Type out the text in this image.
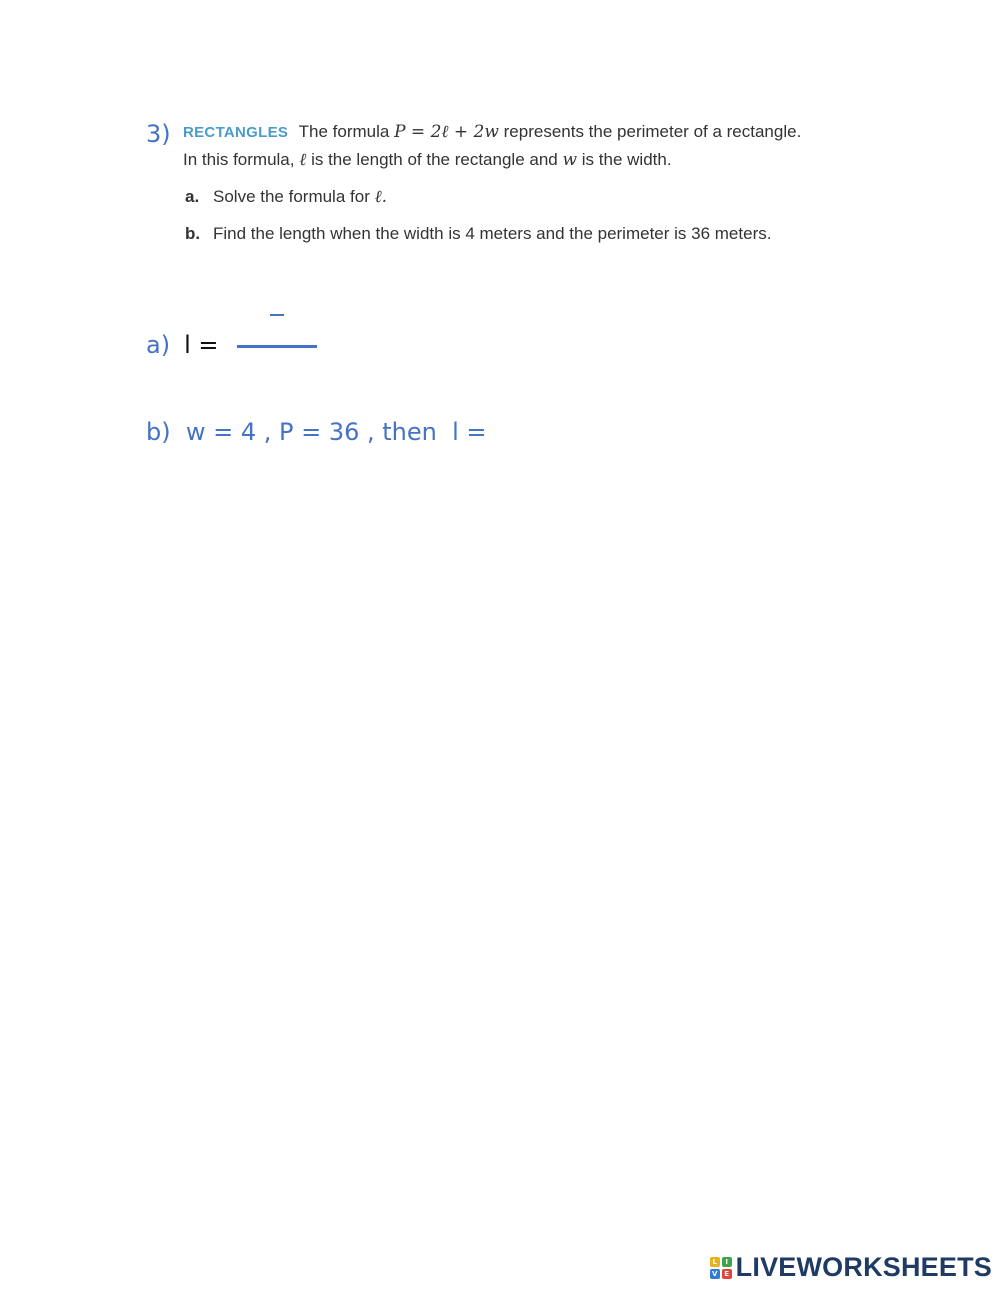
3) RECTANGLES The formula P = 2ℓ + 2w represents the perimeter of a rectangle.
In this formula, ℓ is the length of the rectangle and w is the width.
a. Solve the formula for ℓ.
b. Find the length when the width is 4 meters and the perimeter is 36 meters.
a) l =
b)  w = 4 , P = 36 , then  l =
L	I
V E LIVEWORKSHEETS
